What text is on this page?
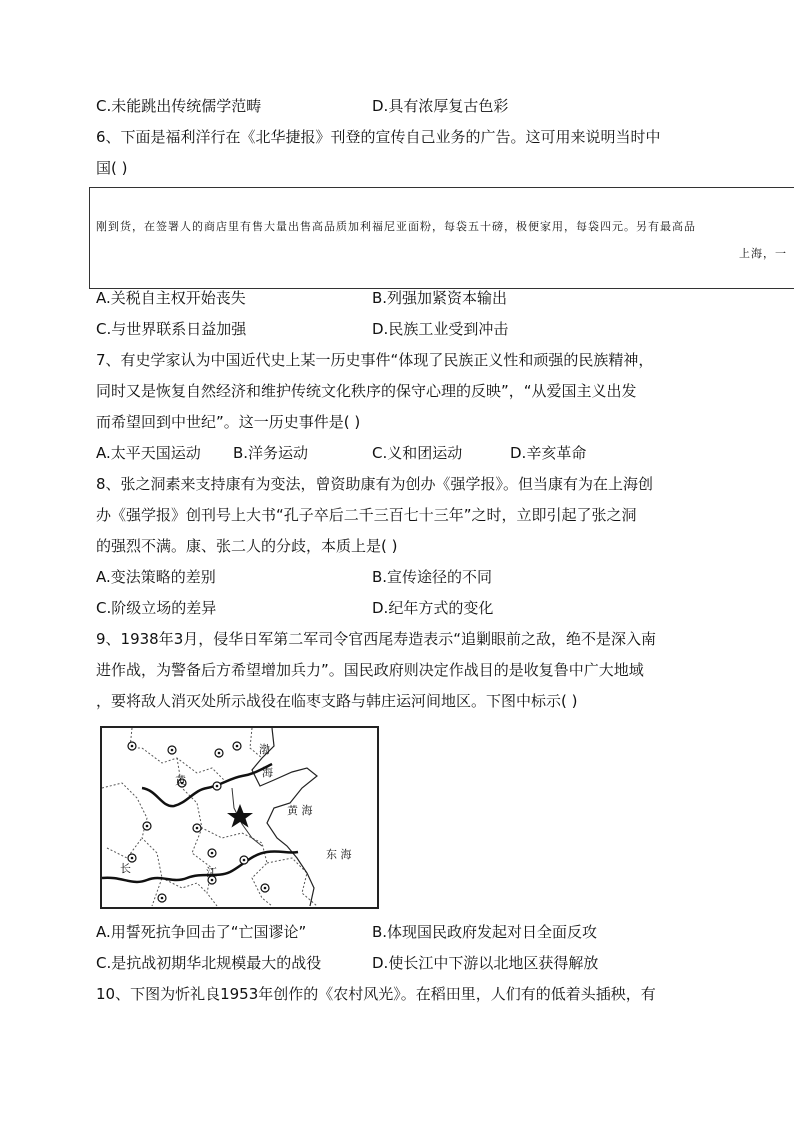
C.未能跳出传统儒学范畴	D.具有浓厚复古色彩
6、下面是福利洋行在《北华捷报》刊登的宣传自己业务的广告。这可用来说明当时中
国( )
刚到货，在签署人的商店里有售大量出售高品质加利福尼亚面粉，每袋五十磅，极便家用，每袋四元。另有最高品
上海，一
A.关税自主权开始丧失	B.列强加紧资本输出
C.与世界联系日益加强	D.民族工业受到冲击
7、有史学家认为中国近代史上某一历史事件“体现了民族正义性和顽强的民族精神，
同时又是恢复自然经济和维护传统文化秩序的保守心理的反映”，“从爱国主义出发
而希望回到中世纪”。这一历史事件是( )
A.太平天国运动 B.洋务运动	C.义和团运动	D.辛亥革命
8、张之洞素来支持康有为变法，曾资助康有为创办《强学报》。但当康有为在上海创
办《强学报》创刊号上大书“孔子卒后二千三百七十三年”之时，立即引起了张之洞
的强烈不满。康、张二人的分歧，本质上是( )
A.变法策略的差别	B.宣传途径的不同
C.阶级立场的差异	D.纪年方式的变化
9、1938年3月，侵华日军第二军司令官西尾寿造表示“追剿眼前之敌，绝不是深入南
进作战，为警备后方希望增加兵力”。国民政府则决定作战目的是收复鲁中广大地域
，要将敌人消灭处所示战役在临枣支路与韩庄运河间地区。下图中标示( )
渤
海
黄
黄 海
东 海
长	江
A.用誓死抗争回击了“亡国谬论”	B.体现国民政府发起对日全面反攻
C.是抗战初期华北规模最大的战役	D.使长江中下游以北地区获得解放
10、下图为忻礼良1953年创作的《农村风光》。在稻田里，人们有的低着头插秧，有
